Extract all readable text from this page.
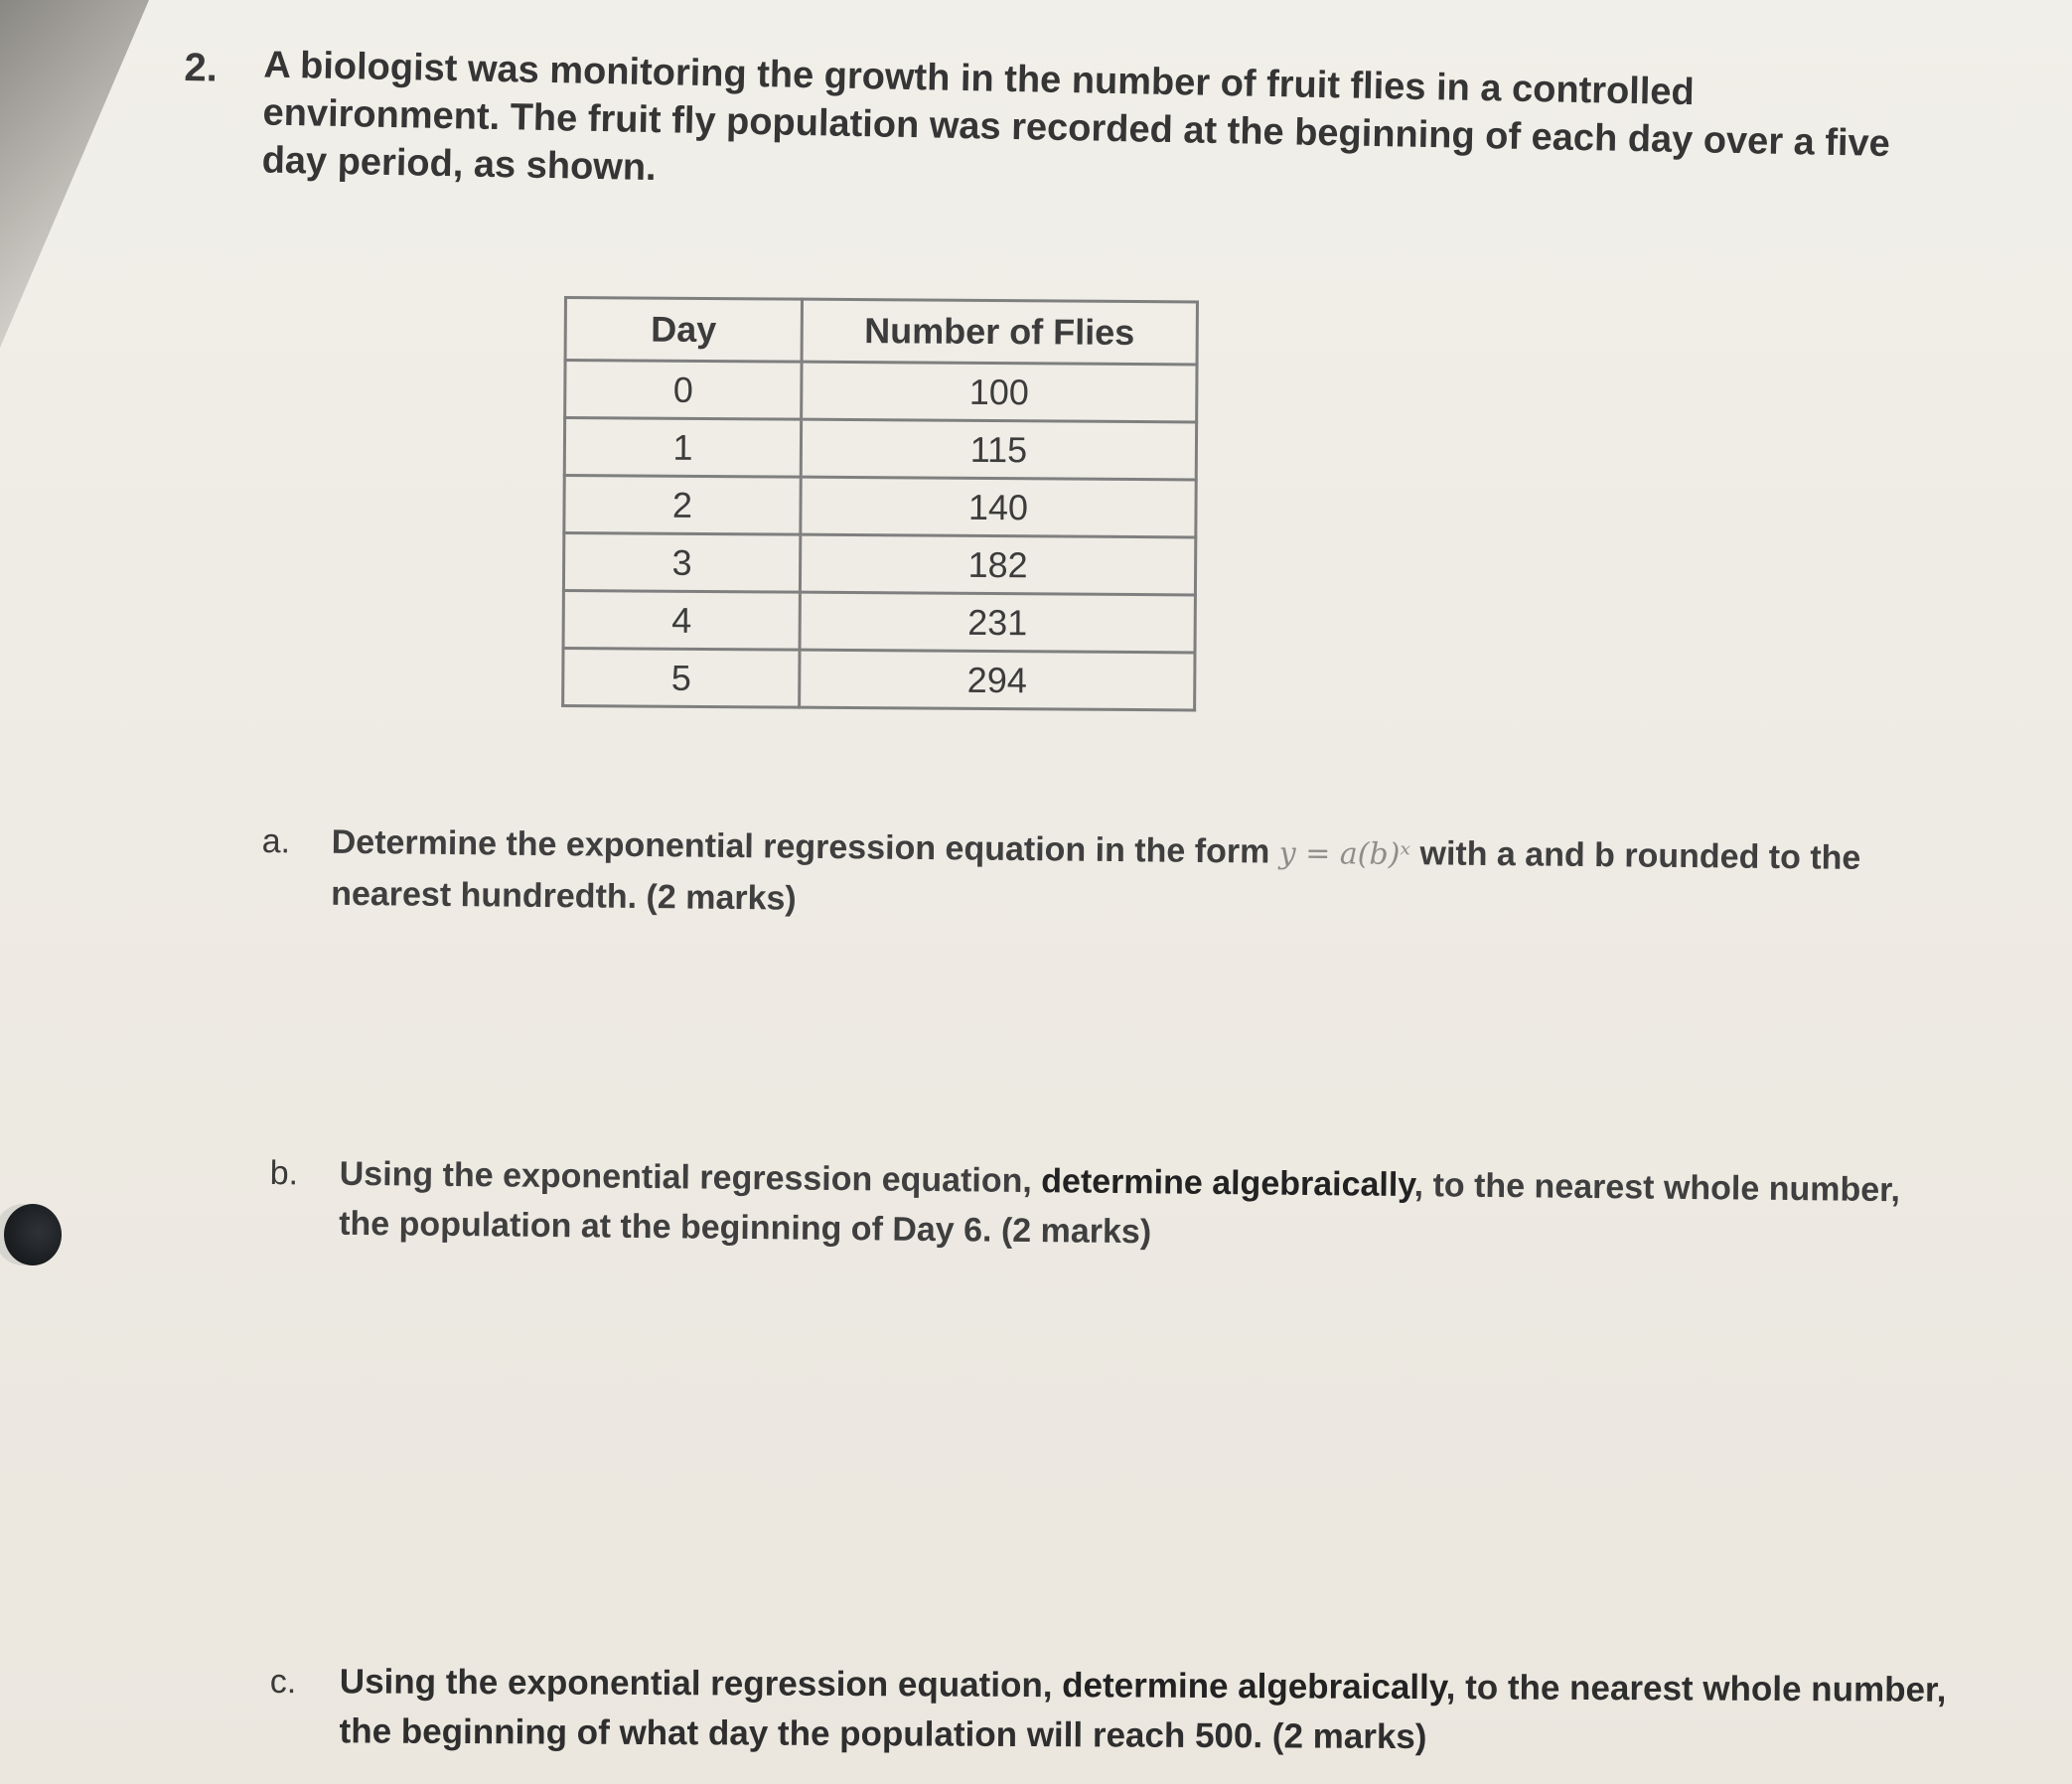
2. A biologist was monitoring the growth in the number of fruit flies in a controlled environment. The fruit fly population was recorded at the beginning of each day over a five day period, as shown.
Day	Number of Flies
0	100
1	115
2	140
3	182
4	231
5	294
a. Determine the exponential regression equation in the form y = a(b)ˣ with a and b rounded to the nearest hundredth. (2 marks)
b. Using the exponential regression equation, determine algebraically, to the nearest whole number, the population at the beginning of Day 6. (2 marks)
c. Using the exponential regression equation, determine algebraically, to the nearest whole number, the beginning of what day the population will reach 500. (2 marks)
